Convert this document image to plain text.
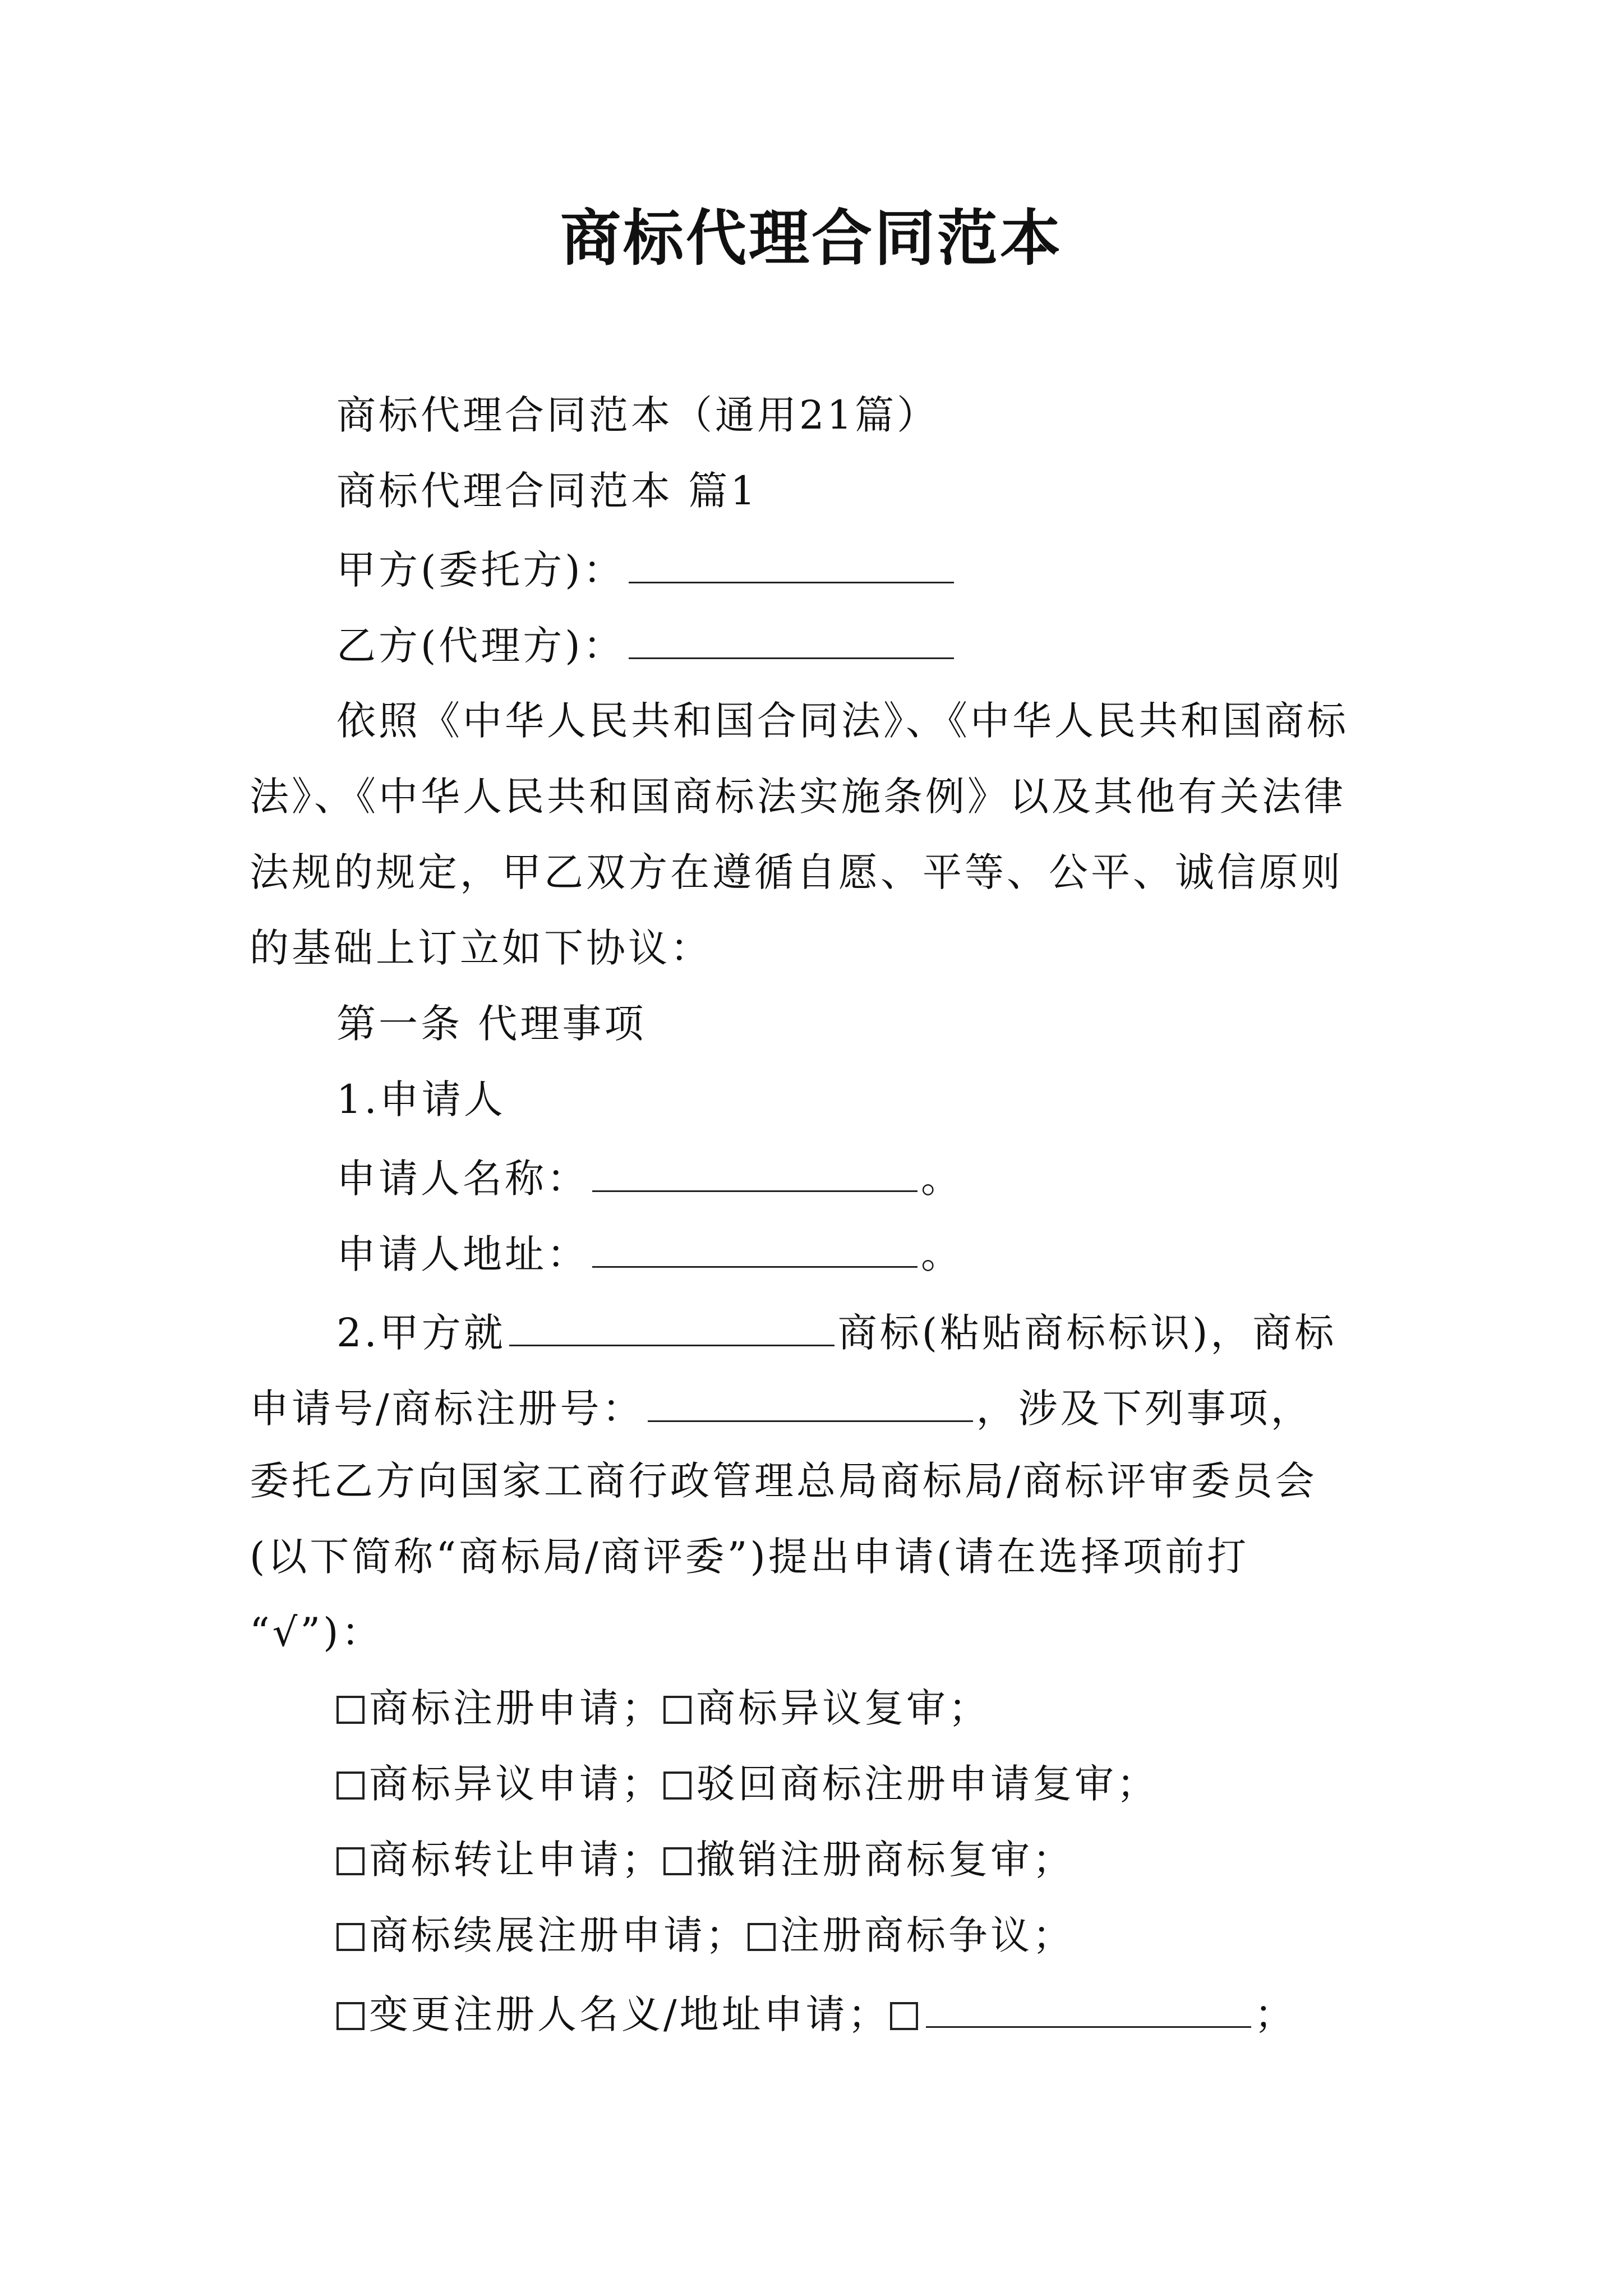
商标代理合同范本
商标代理合同范本（通用21篇）
商标代理合同范本 篇1
甲方(委托方)：
乙方(代理方)：
依照《中华人民共和国合同法》、《中华人民共和国商标
法》、《中华人民共和国商标法实施条例》以及其他有关法律
法规的规定，甲乙双方在遵循自愿、平等、公平、诚信原则
的基础上订立如下协议：
第一条 代理事项
1.申请人
申请人名称：	。
申请人地址：	。
2.甲方就	商标(粘贴商标标识)，商标
申请号/商标注册号：	，涉及下列事项，
委托乙方向国家工商行政管理总局商标局/商标评审委员会
(以下简称“商标局/商评委”)提出申请(请在选择项前打
“√”)：
商标注册申请； 商标异议复审；
商标异议申请； 驳回商标注册申请复审；
商标转让申请； 撤销注册商标复审；
商标续展注册申请； 注册商标争议；
变更注册人名义/地址申请；	；
